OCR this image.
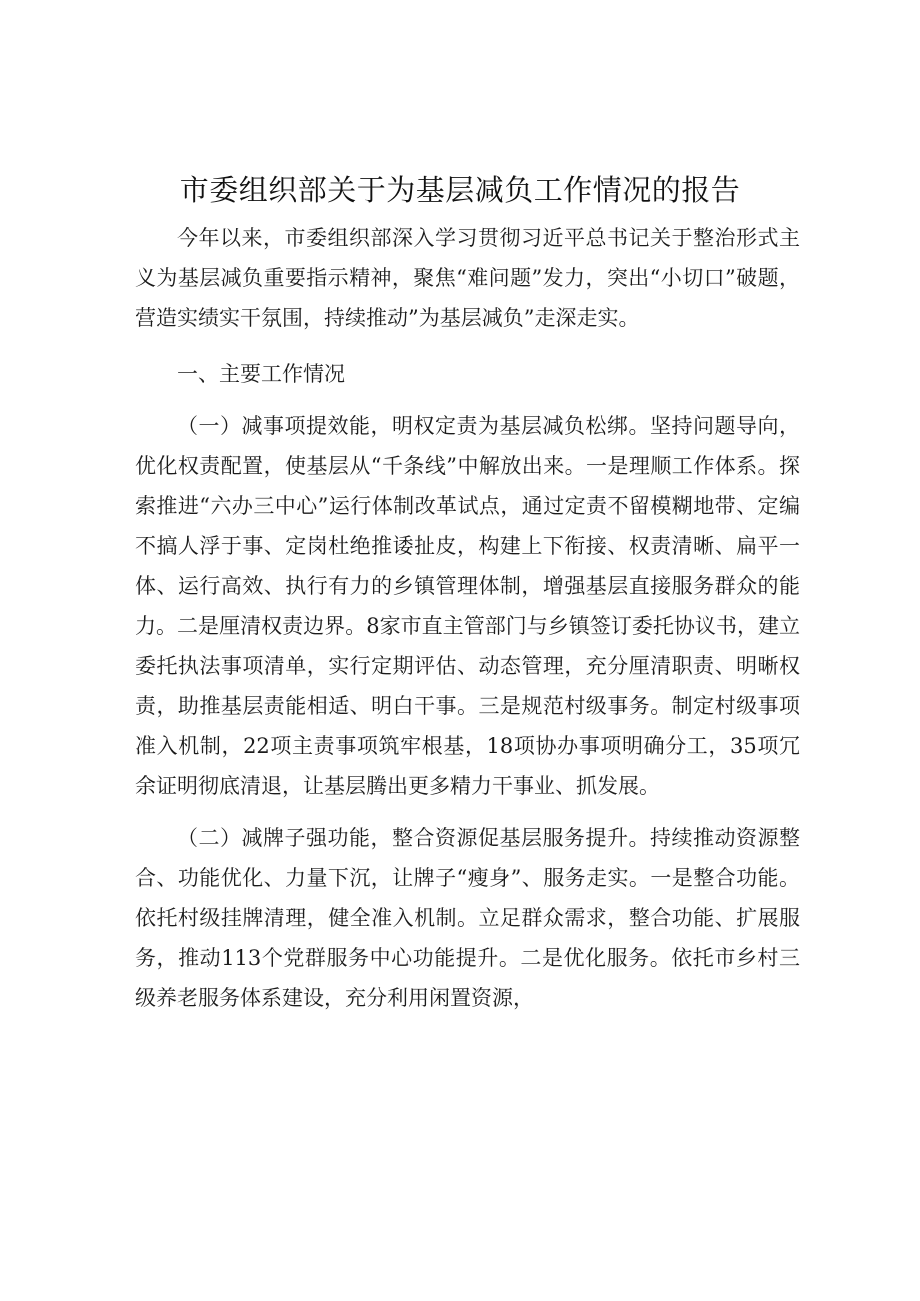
市委组织部关于为基层减负工作情况的报告

今年以来，市委组织部深入学习贯彻习近平总书记关于整治形式主义为基层减负重要指示精神，聚焦“难问题”发力，突出“小切口”破题，营造实绩实干氛围，持续推动”为基层减负”走深走实。

一、主要工作情况

（一）减事项提效能，明权定责为基层减负松绑。坚持问题导向，优化权责配置，使基层从“千条线”中解放出来。一是理顺工作体系。探索推进“六办三中心”运行体制改革试点，通过定责不留模糊地带、定编不搞人浮于事、定岗杜绝推诿扯皮，构建上下衔接、权责清晰、扁平一体、运行高效、执行有力的乡镇管理体制，增强基层直接服务群众的能力。二是厘清权责边界。8家市直主管部门与乡镇签订委托协议书，建立委托执法事项清单，实行定期评估、动态管理，充分厘清职责、明晰权责，助推基层责能相适、明白干事。三是规范村级事务。制定村级事项准入机制，22项主责事项筑牢根基，18项协办事项明确分工，35项冗余证明彻底清退，让基层腾出更多精力干事业、抓发展。

（二）减牌子强功能，整合资源促基层服务提升。持续推动资源整合、功能优化、力量下沉，让牌子“瘦身”、服务走实。一是整合功能。依托村级挂牌清理，健全准入机制。立足群众需求，整合功能、扩展服务，推动113个党群服务中心功能提升。二是优化服务。依托市乡村三级养老服务体系建设，充分利用闲置资源，
